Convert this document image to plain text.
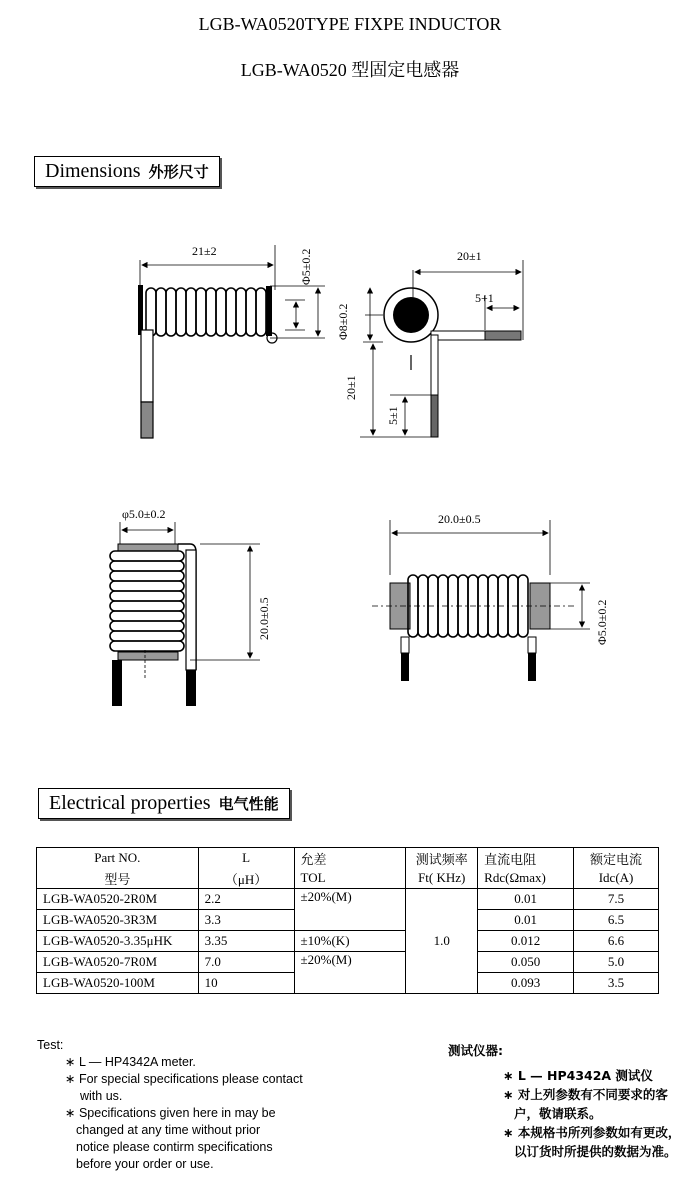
LGB-WA0520TYPE FIXPE INDUCTOR
LGB-WA0520 型固定电感器
Dimensions 外形尺寸
21±2	Φ5±0.2	20±1
5+1
Φ8±0.2
20±1
5±1
φ5.0±0.2
20.0±0.5
20.0±0.5
Φ5.0±0.2
Electrical properties 电气性能
Part NO.	L	允差	测试频率	直流电阻	额定电流
型号	（μH）	TOL	Ft( KHz)	Rdc(Ωmax)	Idc(A)
LGB-WA0520-2R0M	2.2	±20%(M)	1.0	0.01	7.5
LGB-WA0520-3R3M	3.3			0.01	6.5
LGB-WA0520-3.35μHK	3.35	±10%(K)		0.012	6.6
LGB-WA0520-7R0M	7.0	±20%(M)		0.050	5.0
LGB-WA0520-100M	10			0.093	3.5
Test:
∗ L — HP4342A meter.
∗ For special specifications please contact
with us.
∗ Specifications given here in may be
changed at any time without prior
notice please contirm specifications
before your order or use.
测试仪器:
∗ L — HP4342A 测试仪
∗ 对上列参数有不同要求的客
户，敬请联系。
∗ 本规格书所列参数如有更改，
以订货时所提供的数据为准。
